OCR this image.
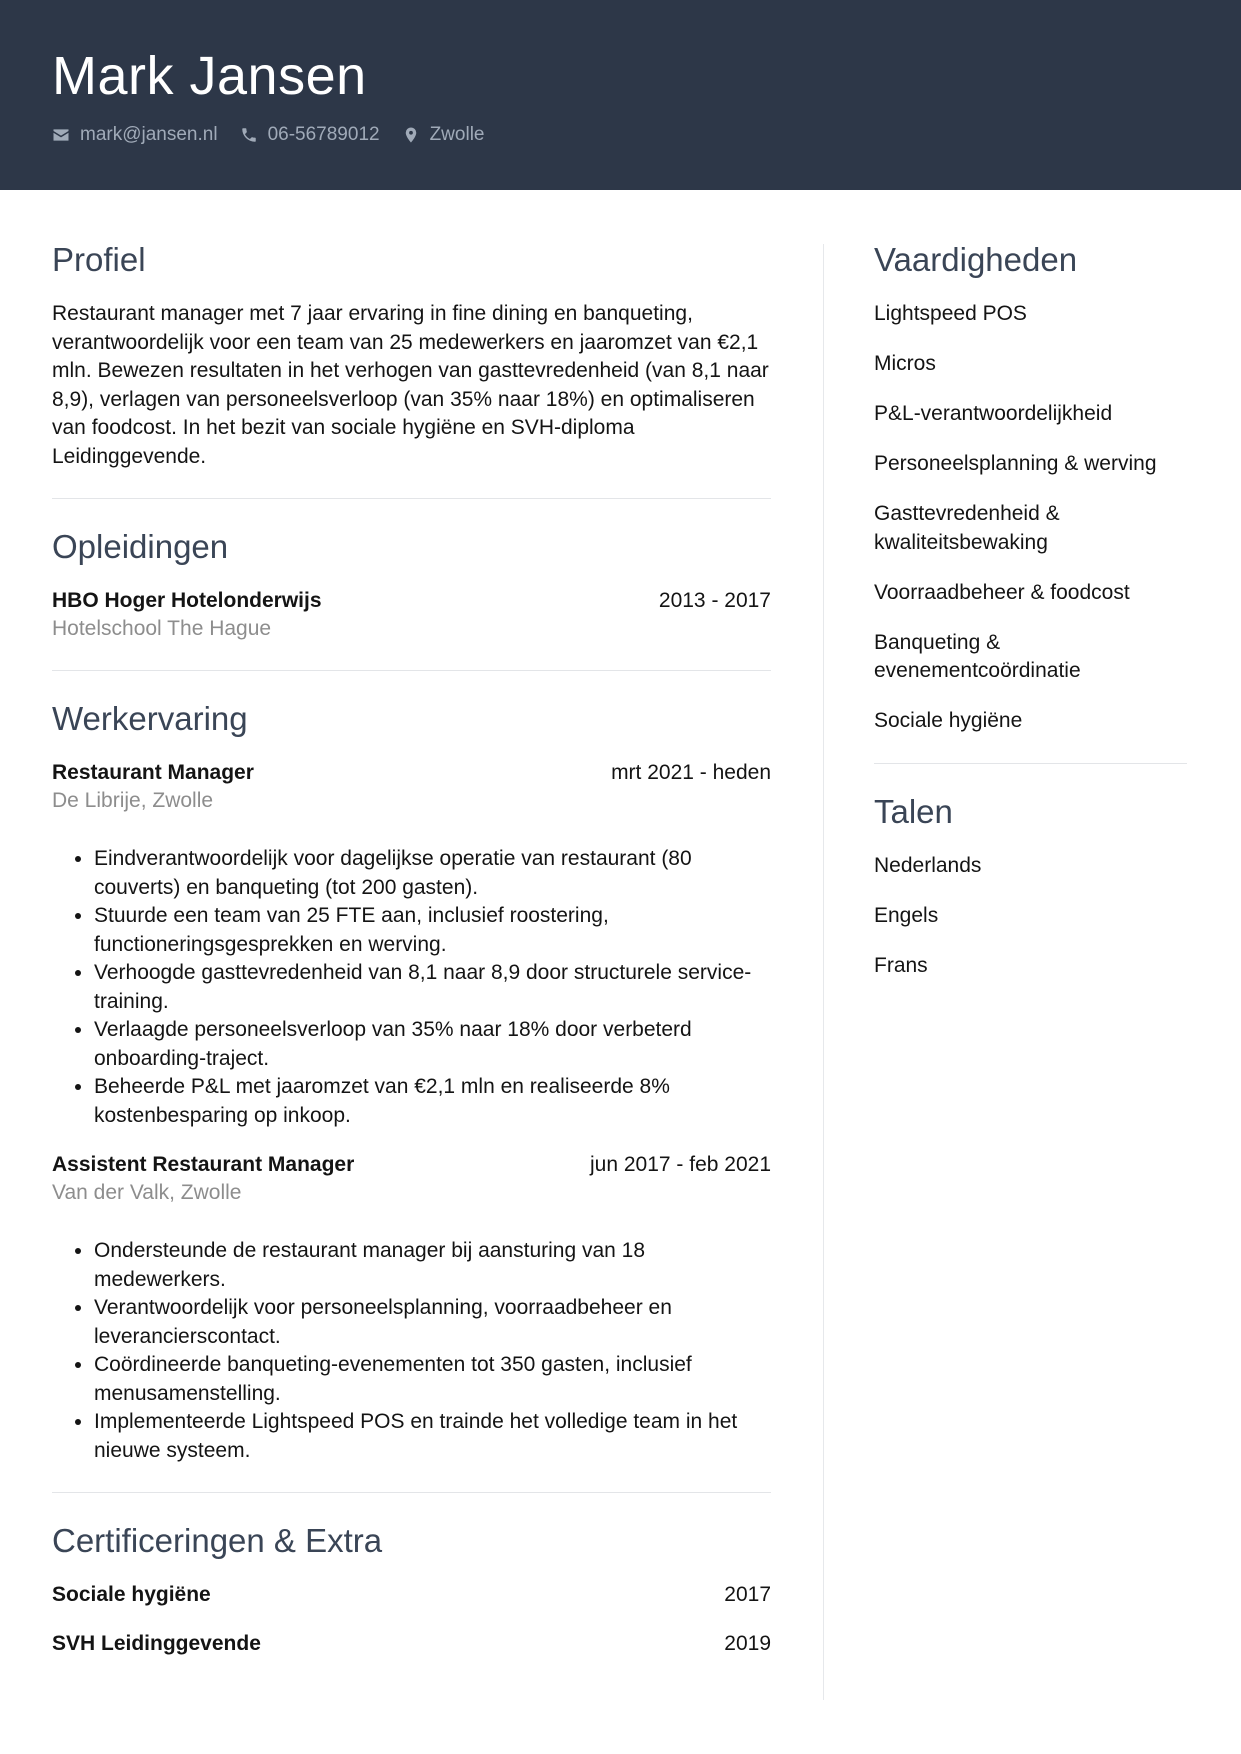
Mark Jansen
mark@jansen.nl	06-56789012	Zwolle
Profiel

Restaurant manager met 7 jaar ervaring in fine dining en banqueting, verantwoordelijk voor een team van 25 medewerkers en jaaromzet van €2,1 mln. Bewezen resultaten in het verhogen van gasttevredenheid (van 8,1 naar 8,9), verlagen van personeelsverloop (van 35% naar 18%) en optimaliseren van foodcost. In het bezit van sociale hygiëne en SVH-diploma Leidinggevende.

Opleidingen
HBO Hoger Hotelonderwijs	2013 - 2017
Hotelschool The Hague
Werkervaring
Restaurant Manager	mrt 2021 - heden
De Librije, Zwolle
• Eindverantwoordelijk voor dagelijkse operatie van restaurant (80 couverts) en banqueting (tot 200 gasten).
• Stuurde een team van 25 FTE aan, inclusief roostering, functioneringsgesprekken en werving.
• Verhoogde gasttevredenheid van 8,1 naar 8,9 door structurele service-training.
• Verlaagde personeelsverloop van 35% naar 18% door verbeterd onboarding-traject.
• Beheerde P&L met jaaromzet van €2,1 mln en realiseerde 8% kostenbesparing op inkoop.
Assistent Restaurant Manager	jun 2017 - feb 2021
Van der Valk, Zwolle
• Ondersteunde de restaurant manager bij aansturing van 18 medewerkers.
• Verantwoordelijk voor personeelsplanning, voorraadbeheer en leverancierscontact.
• Coördineerde banqueting-evenementen tot 350 gasten, inclusief menusamenstelling.
• Implementeerde Lightspeed POS en trainde het volledige team in het nieuwe systeem.
Certificeringen & Extra
Sociale hygiëne	2017
SVH Leidinggevende	2019
Vaardigheden
Lightspeed POS
Micros
P&L-verantwoordelijkheid
Personeelsplanning & werving
Gasttevredenheid & kwaliteitsbewaking
Voorraadbeheer & foodcost
Banqueting & evenementcoördinatie
Sociale hygiëne
Talen
Nederlands
Engels
Frans
